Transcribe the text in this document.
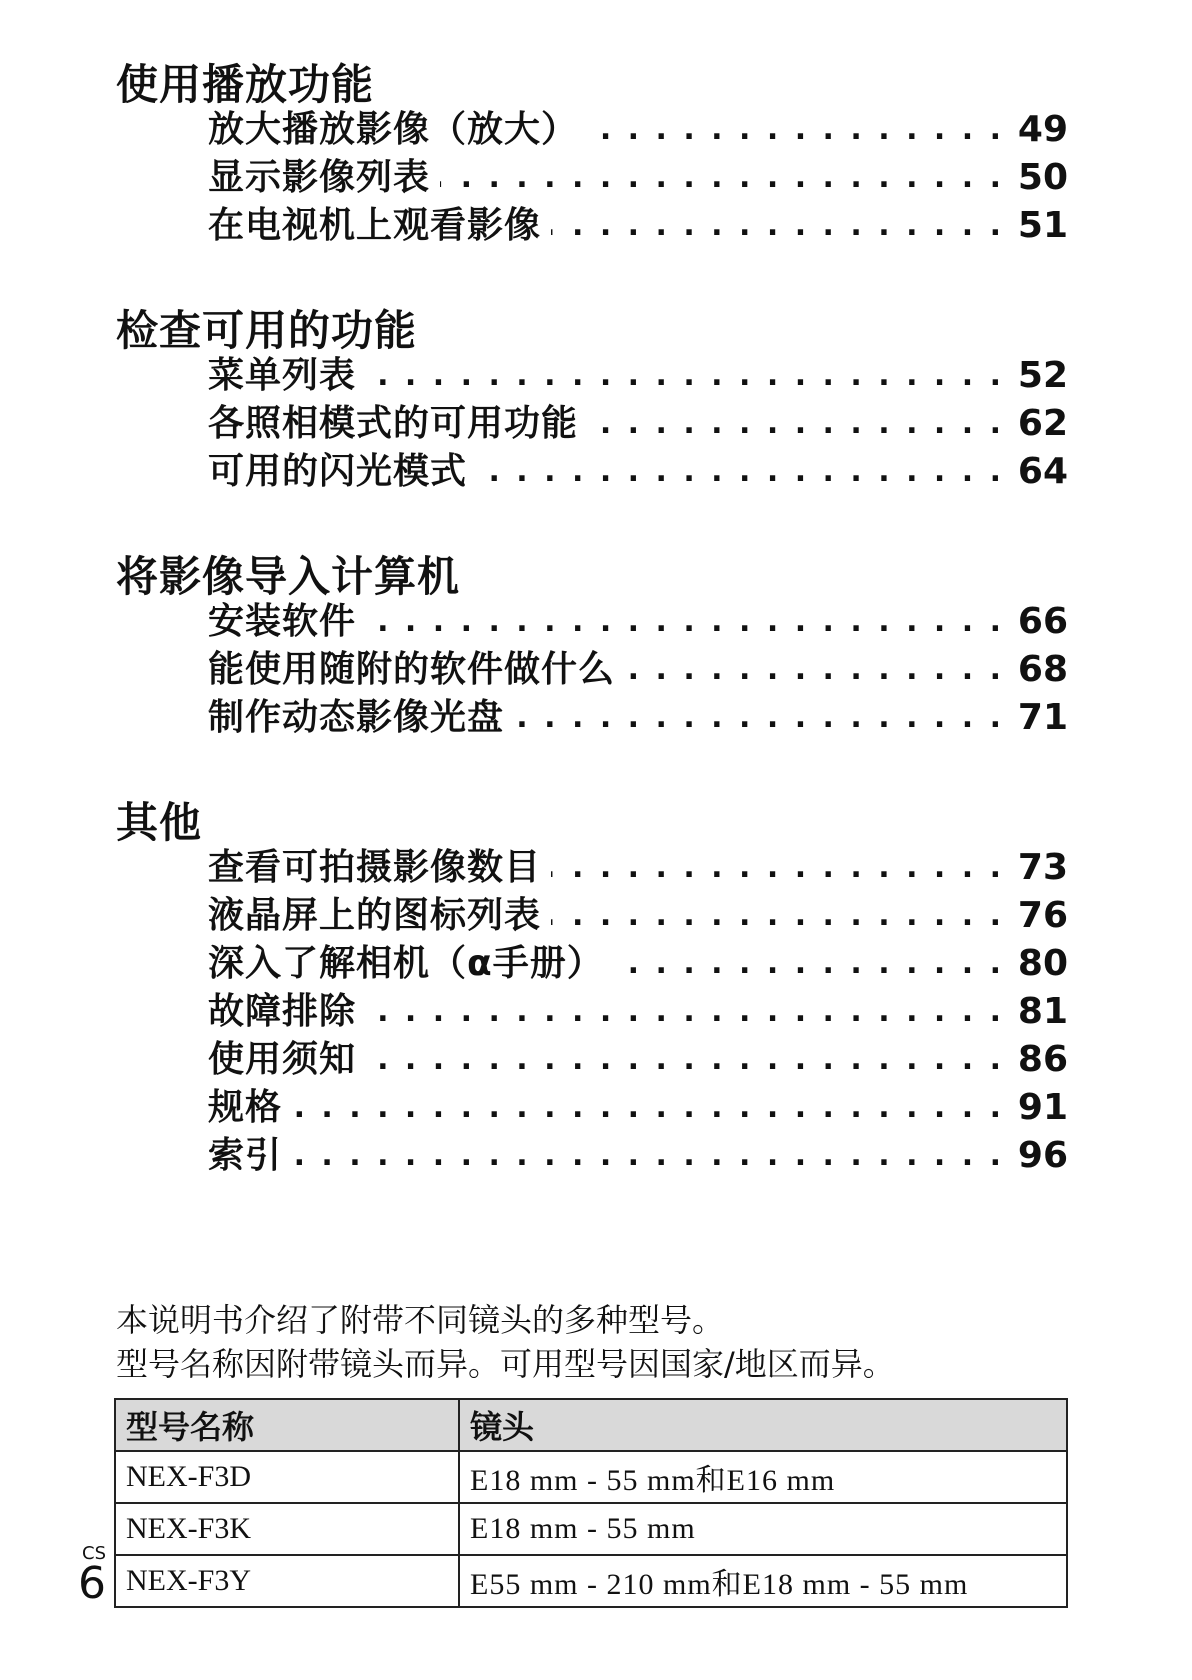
使用播放功能
放大播放影像（放大） . . .	49
显示影像列表 . . .	50
在电视机上观看影像 . . .	51
检查可用的功能
菜单列表 . . .	52
各照相模式的可用功能 . . .	62
可用的闪光模式 . . .	64
将影像导入计算机
安装软件 . . .	66
能使用随附的软件做什么 . . .	68
制作动态影像光盘 . . .	71
其他
查看可拍摄影像数目 . . .	73
液晶屏上的图标列表 . . .	76
深入了解相机（α手册） . . .	80
故障排除 . . .	81
使用须知 . . .	86
规格 . . .	91
索引 . . .	96
本说明书介绍了附带不同镜头的多种型号。
型号名称因附带镜头而异。可用型号因国家/地区而异。
型号名称	镜头
NEX-F3D	E18 mm - 55 mm和E16 mm
NEX-F3K	E18 mm - 55 mm
NEX-F3Y	E55 mm - 210 mm和E18 mm - 55 mm
CS
6
